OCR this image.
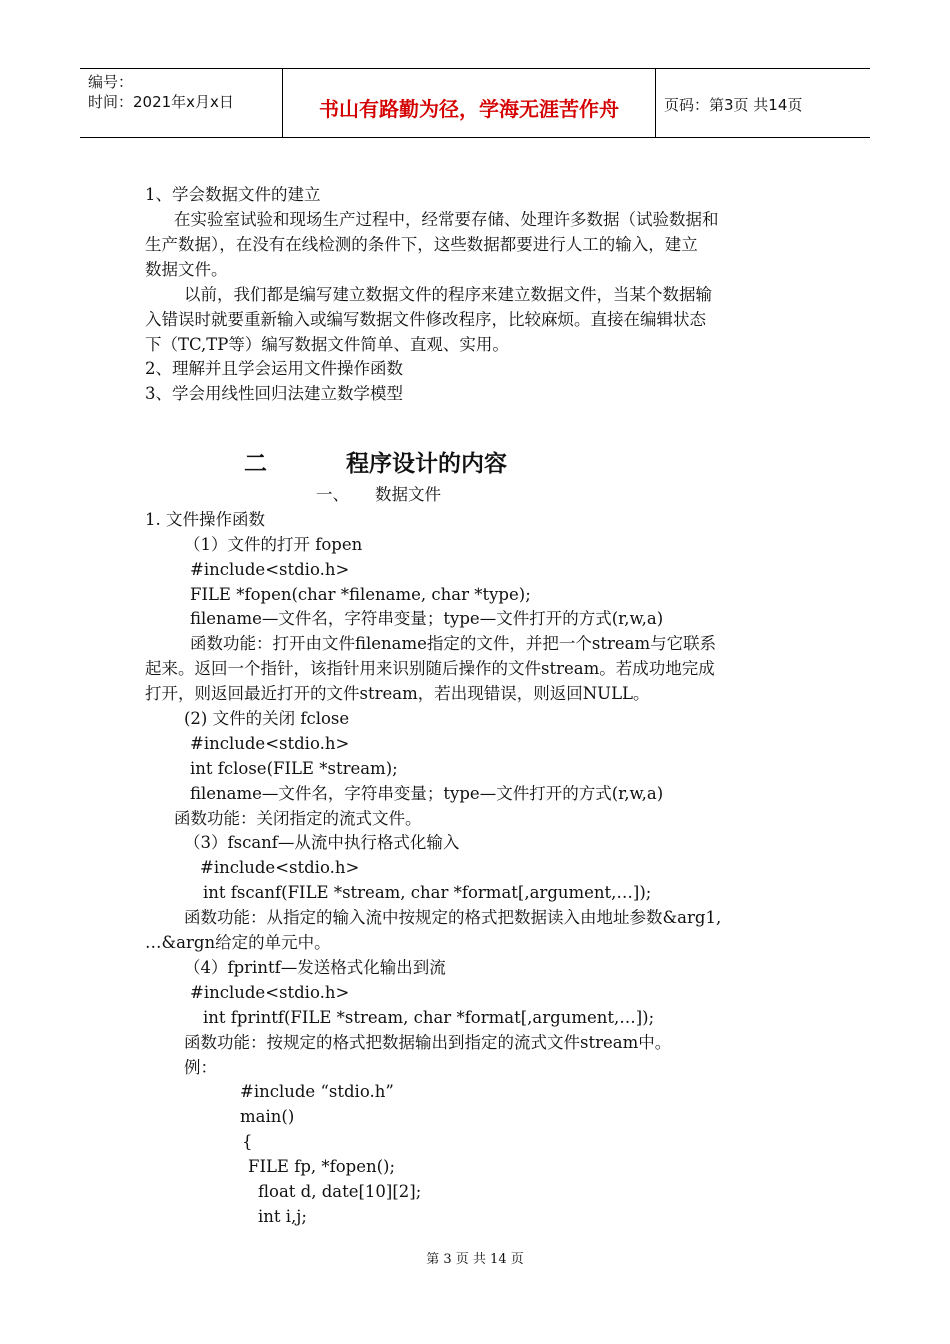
编号：
时间：2021年x月x日	书山有路勤为径，学海无涯苦作舟	页码：第3页 共14页
1、学会数据文件的建立
在实验室试验和现场生产过程中，经常要存储、处理许多数据（试验数据和
生产数据），在没有在线检测的条件下，这些数据都要进行人工的输入，建立
数据文件。
以前，我们都是编写建立数据文件的程序来建立数据文件，当某个数据输
入错误时就要重新输入或编写数据文件修改程序，比较麻烦。直接在编辑状态
下（TC,TP等）编写数据文件简单、直观、实用。
2、理解并且学会运用文件操作函数
3、学会用线性回归法建立数学模型
二	程序设计的内容
一、 数据文件
1. 文件操作函数
（1）文件的打开 fopen
#include<stdio.h>
FILE *fopen(char *filename, char *type);
filename—文件名，字符串变量；type—文件打开的方式(r,w,a)
函数功能：打开由文件filename指定的文件，并把一个stream与它联系
起来。返回一个指针，该指针用来识别随后操作的文件stream。若成功地完成
打开，则返回最近打开的文件stream，若出现错误，则返回NULL。
(2) 文件的关闭 fclose
#include<stdio.h>
int fclose(FILE *stream);
filename—文件名，字符串变量；type—文件打开的方式(r,w,a)
函数功能：关闭指定的流式文件。
（3）fscanf—从流中执行格式化输入
#include<stdio.h>
int fscanf(FILE *stream, char *format[,argument,…]);
函数功能：从指定的输入流中按规定的格式把数据读入由地址参数&arg1,
…&argn给定的单元中。
（4）fprintf—发送格式化输出到流
#include<stdio.h>
int fprintf(FILE *stream, char *format[,argument,…]);
函数功能：按规定的格式把数据输出到指定的流式文件stream中。
例：
#include “stdio.h”
main()
{
FILE fp, *fopen();
float d, date[10][2];
int i,j;
第 3 页 共 14 页
